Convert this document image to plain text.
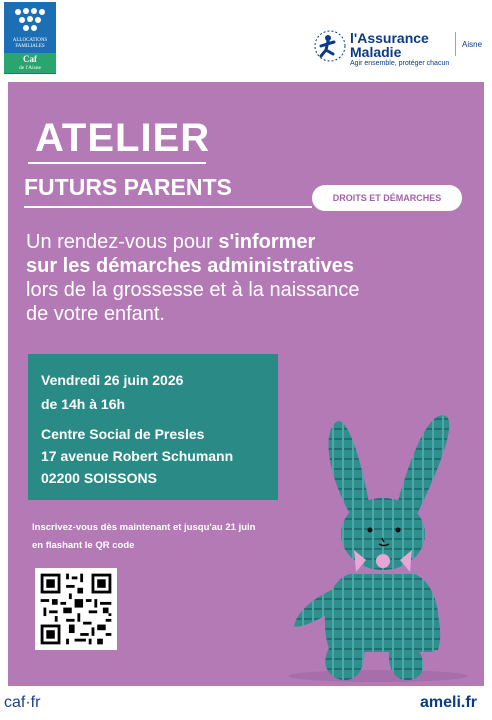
ALLOCATIONS
FAMILIALES
Caf
de l'Aisne
l'Assurance
Maladie
Agir ensemble, protéger chacun
Aisne
ATELIER
FUTURS PARENTS	DROITS ET DÉMARCHES
Un rendez-vous pour s'informer
sur les démarches administratives
lors de la grossesse et à la naissance
de votre enfant.
Vendredi 26 juin 2026
de 14h à 16h
Centre Social de Presles
17 avenue Robert Schumann
02200 SOISSONS
Inscrivez-vous dès maintenant et jusqu'au 21 juin
en flashant le QR code
caf·fr	ameli.fr
